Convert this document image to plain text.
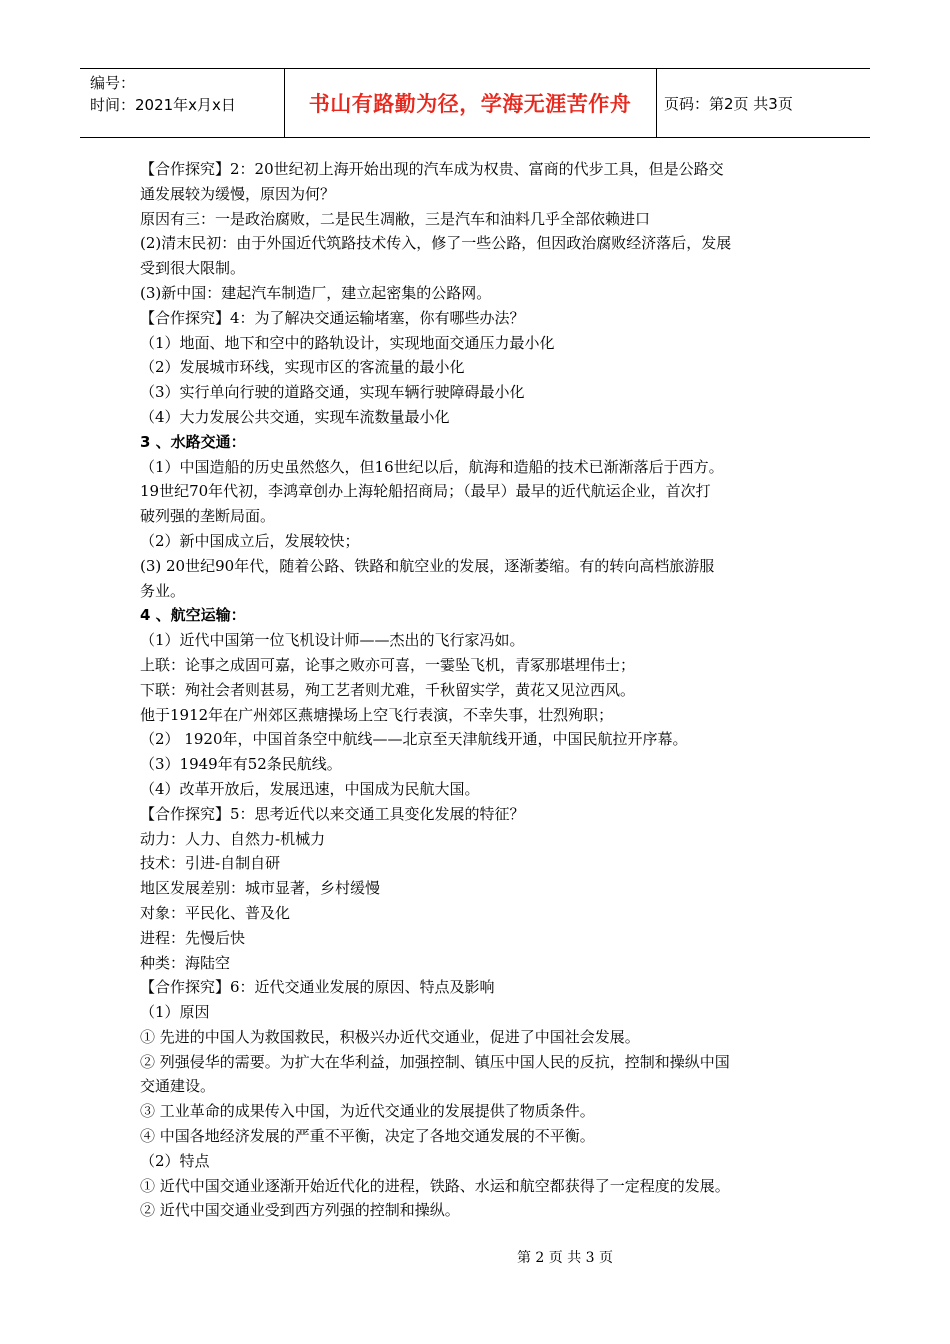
编号：
时间：2021年x月x日	书山有路勤为径，学海无涯苦作舟	页码：第2页 共3页
【合作探究】2：20世纪初上海开始出现的汽车成为权贵、富商的代步工具，但是公路交
通发展较为缓慢，原因为何？
原因有三：一是政治腐败，二是民生凋敝，三是汽车和油料几乎全部依赖进口
(2)清末民初：由于外国近代筑路技术传入，修了一些公路，但因政治腐败经济落后，发展
受到很大限制。
(3)新中国：建起汽车制造厂，建立起密集的公路网。
【合作探究】4：为了解决交通运输堵塞，你有哪些办法？
（1）地面、地下和空中的路轨设计，实现地面交通压力最小化
（2）发展城市环线，实现市区的客流量的最小化
（3）实行单向行驶的道路交通，实现车辆行驶障碍最小化
（4）大力发展公共交通，实现车流数量最小化
3 、水路交通：
（1）中国造船的历史虽然悠久，但16世纪以后，航海和造船的技术已渐渐落后于西方。
19世纪70年代初，李鸿章创办上海轮船招商局；（最早）最早的近代航运企业，首次打
破列强的垄断局面。
（2）新中国成立后，发展较快；
(3) 20世纪90年代，随着公路、铁路和航空业的发展，逐渐萎缩。有的转向高档旅游服
务业。
4 、航空运输：
（1）近代中国第一位飞机设计师——杰出的飞行家冯如。
上联：论事之成固可嘉，论事之败亦可喜，一霎坠飞机，青冢那堪埋伟士；
下联：殉社会者则甚易，殉工艺者则尤难，千秋留实学，黄花又见泣西风。
他于1912年在广州郊区燕塘操场上空飞行表演，不幸失事，壮烈殉职；
（2） 1920年，中国首条空中航线——北京至天津航线开通，中国民航拉开序幕。
（3）1949年有52条民航线。
（4）改革开放后，发展迅速，中国成为民航大国。
【合作探究】5：思考近代以来交通工具变化发展的特征？
动力：人力、自然力-机械力
技术：引进-自制自研
地区发展差别：城市显著，乡村缓慢
对象：平民化、普及化
进程：先慢后快
种类：海陆空
【合作探究】6：近代交通业发展的原因、特点及影响
（1）原因
① 先进的中国人为救国救民，积极兴办近代交通业，促进了中国社会发展。
② 列强侵华的需要。为扩大在华利益，加强控制、镇压中国人民的反抗，控制和操纵中国
交通建设。
③ 工业革命的成果传入中国，为近代交通业的发展提供了物质条件。
④ 中国各地经济发展的严重不平衡，决定了各地交通发展的不平衡。
（2）特点
① 近代中国交通业逐渐开始近代化的进程，铁路、水运和航空都获得了一定程度的发展。
② 近代中国交通业受到西方列强的控制和操纵。
第 2 页 共 3 页
